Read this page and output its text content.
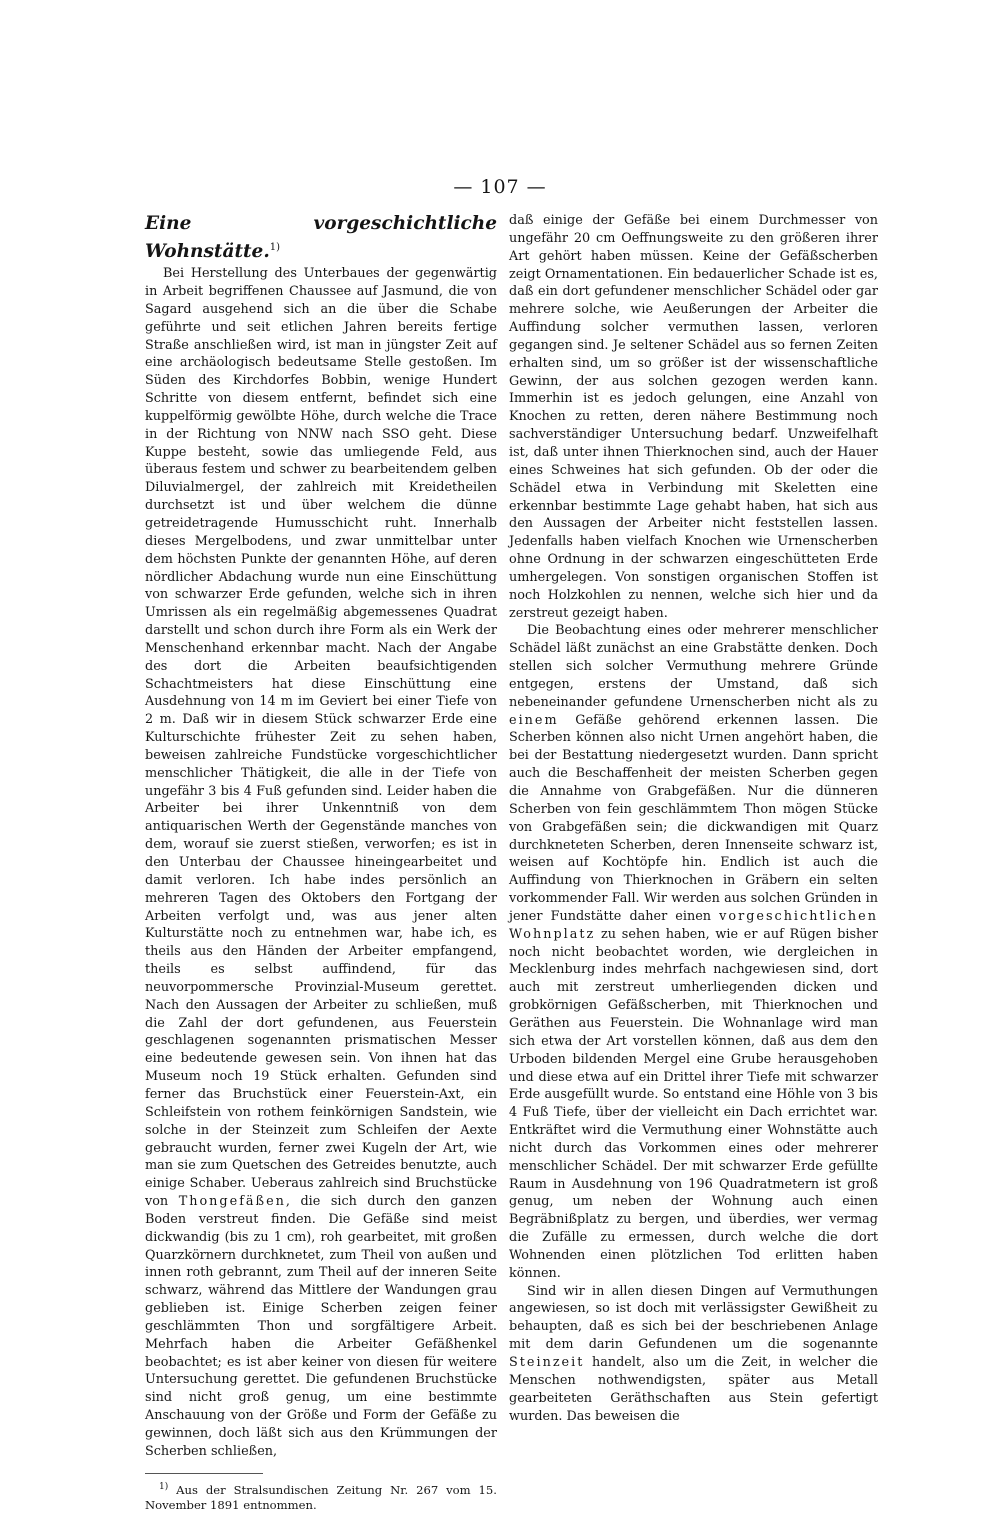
— 107 —
Eine vorgeschichtliche Wohnstätte.$^{1)}$

Bei Herstellung des Unterbaues der gegenwärtig in Arbeit begriffenen Chaussee auf Jasmund, die von Sagard ausgehend sich an die über die Schabe geführte und seit etlichen Jahren bereits fertige Straße anschließen wird, ist man in jüngster Zeit auf eine archäologisch bedeutsame Stelle gestoßen. Im Süden des Kirchdorfes Bobbin, wenige Hundert Schritte von diesem entfernt, befindet sich eine kuppelförmig gewölbte Höhe, durch welche die Trace in der Richtung von NNW nach SSO geht. Diese Kuppe besteht, sowie das umliegende Feld, aus überaus festem und schwer zu bearbeitendem gelben Diluvialmergel, der zahlreich mit Kreidetheilen durchsetzt ist und über welchem die dünne getreidetragende Humusschicht ruht. Innerhalb dieses Mergelbodens, und zwar unmittelbar unter dem höchsten Punkte der genannten Höhe, auf deren nördlicher Abdachung wurde nun eine Einschüttung von schwarzer Erde gefunden, welche sich in ihren Umrissen als ein regelmäßig abgemessenes Quadrat darstellt und schon durch ihre Form als ein Werk der Menschenhand erkennbar macht. Nach der Angabe des dort die Arbeiten beaufsichtigenden Schachtmeisters hat diese Einschüttung eine Ausdehnung von 14 m im Geviert bei einer Tiefe von 2 m. Daß wir in diesem Stück schwarzer Erde eine Kulturschichte frühester Zeit zu sehen haben, beweisen zahlreiche Fundstücke vorgeschichtlicher menschlicher Thätigkeit, die alle in der Tiefe von ungefähr 3 bis 4 Fuß gefunden sind. Leider haben die Arbeiter bei ihrer Unkenntniß von dem antiquarischen Werth der Gegenstände manches von dem, worauf sie zuerst stießen, verworfen; es ist in den Unterbau der Chaussee hineingearbeitet und damit verloren. Ich habe indes persönlich an mehreren Tagen des Oktobers den Fortgang der Arbeiten verfolgt und, was aus jener alten Kulturstätte noch zu entnehmen war, habe ich, es theils aus den Händen der Arbeiter empfangend, theils es selbst auffindend, für das neuvorpommersche Provinzial-Museum gerettet. Nach den Aussagen der Arbeiter zu schließen, muß die Zahl der dort gefundenen, aus Feuerstein geschlagenen sogenannten prismatischen Messer eine bedeutende gewesen sein. Von ihnen hat das Museum noch 19 Stück erhalten. Gefunden sind ferner das Bruchstück einer Feuerstein-Axt, ein Schleifstein von rothem feinkörnigen Sandstein, wie solche in der Steinzeit zum Schleifen der Aexte gebraucht wurden, ferner zwei Kugeln der Art, wie man sie zum Quetschen des Getreides benutzte, auch einige Schaber. Ueberaus zahlreich sind Bruchstücke von Thongefäßen, die sich durch den ganzen Boden verstreut finden. Die Gefäße sind meist dickwandig (bis zu 1 cm), roh gearbeitet, mit großen Quarzkörnern durchknetet, zum Theil von außen und innen roth gebrannt, zum Theil auf der inneren Seite schwarz, während das Mittlere der Wandungen grau geblieben ist. Einige Scherben zeigen feiner geschlämmten Thon und sorgfältigere Arbeit. Mehrfach haben die Arbeiter Gefäßhenkel beobachtet; es ist aber keiner von diesen für weitere Untersuchung gerettet. Die gefundenen Bruchstücke sind nicht groß genug, um eine bestimmte Anschauung von der Größe und Form der Gefäße zu gewinnen, doch läßt sich aus den Krümmungen der Scherben schließen,

$^{1)}$ Aus der Stralsundischen Zeitung Nr. 267 vom 15. November 1891 entnommen.

daß einige der Gefäße bei einem Durchmesser von ungefähr 20 cm Oeffnungsweite zu den größeren ihrer Art gehört haben müssen. Keine der Gefäßscherben zeigt Ornamentationen. Ein bedauerlicher Schade ist es, daß ein dort gefundener menschlicher Schädel oder gar mehrere solche, wie Aeußerungen der Arbeiter die Auffindung solcher vermuthen lassen, verloren gegangen sind. Je seltener Schädel aus so fernen Zeiten erhalten sind, um so größer ist der wissenschaftliche Gewinn, der aus solchen gezogen werden kann. Immerhin ist es jedoch gelungen, eine Anzahl von Knochen zu retten, deren nähere Bestimmung noch sachverständiger Untersuchung bedarf. Unzweifelhaft ist, daß unter ihnen Thierknochen sind, auch der Hauer eines Schweines hat sich gefunden. Ob der oder die Schädel etwa in Verbindung mit Skeletten eine erkennbar bestimmte Lage gehabt haben, hat sich aus den Aussagen der Arbeiter nicht feststellen lassen. Jedenfalls haben vielfach Knochen wie Urnenscherben ohne Ordnung in der schwarzen eingeschütteten Erde umhergelegen. Von sonstigen organischen Stoffen ist noch Holzkohlen zu nennen, welche sich hier und da zerstreut gezeigt haben.

Die Beobachtung eines oder mehrerer menschlicher Schädel läßt zunächst an eine Grabstätte denken. Doch stellen sich solcher Vermuthung mehrere Gründe entgegen, erstens der Umstand, daß sich nebeneinander gefundene Urnenscherben nicht als zu einem Gefäße gehörend erkennen lassen. Die Scherben können also nicht Urnen angehört haben, die bei der Bestattung niedergesetzt wurden. Dann spricht auch die Beschaffenheit der meisten Scherben gegen die Annahme von Grabgefäßen. Nur die dünneren Scherben von fein geschlämmtem Thon mögen Stücke von Grabgefäßen sein; die dickwandigen mit Quarz durchkneteten Scherben, deren Innenseite schwarz ist, weisen auf Kochtöpfe hin. Endlich ist auch die Auffindung von Thierknochen in Gräbern ein selten vorkommender Fall. Wir werden aus solchen Gründen in jener Fundstätte daher einen vorgeschichtlichen Wohnplatz zu sehen haben, wie er auf Rügen bisher noch nicht beobachtet worden, wie dergleichen in Mecklenburg indes mehrfach nachgewiesen sind, dort auch mit zerstreut umherliegenden dicken und grobkörnigen Gefäßscherben, mit Thierknochen und Geräthen aus Feuerstein. Die Wohnanlage wird man sich etwa der Art vorstellen können, daß aus dem den Urboden bildenden Mergel eine Grube herausgehoben und diese etwa auf ein Drittel ihrer Tiefe mit schwarzer Erde ausgefüllt wurde. So entstand eine Höhle von 3 bis 4 Fuß Tiefe, über der vielleicht ein Dach errichtet war. Entkräftet wird die Vermuthung einer Wohnstätte auch nicht durch das Vorkommen eines oder mehrerer menschlicher Schädel. Der mit schwarzer Erde gefüllte Raum in Ausdehnung von 196 Quadratmetern ist groß genug, um neben der Wohnung auch einen Begräbnißplatz zu bergen, und überdies, wer vermag die Zufälle zu ermessen, durch welche die dort Wohnenden einen plötzlichen Tod erlitten haben können.

Sind wir in allen diesen Dingen auf Vermuthungen angewiesen, so ist doch mit verlässigster Gewißheit zu behaupten, daß es sich bei der beschriebenen Anlage mit dem darin Gefundenen um die sogenannte Steinzeit handelt, also um die Zeit, in welcher die Menschen nothwendigsten, später aus Metall gearbeiteten Geräthschaften aus Stein gefertigt wurden. Das beweisen die
